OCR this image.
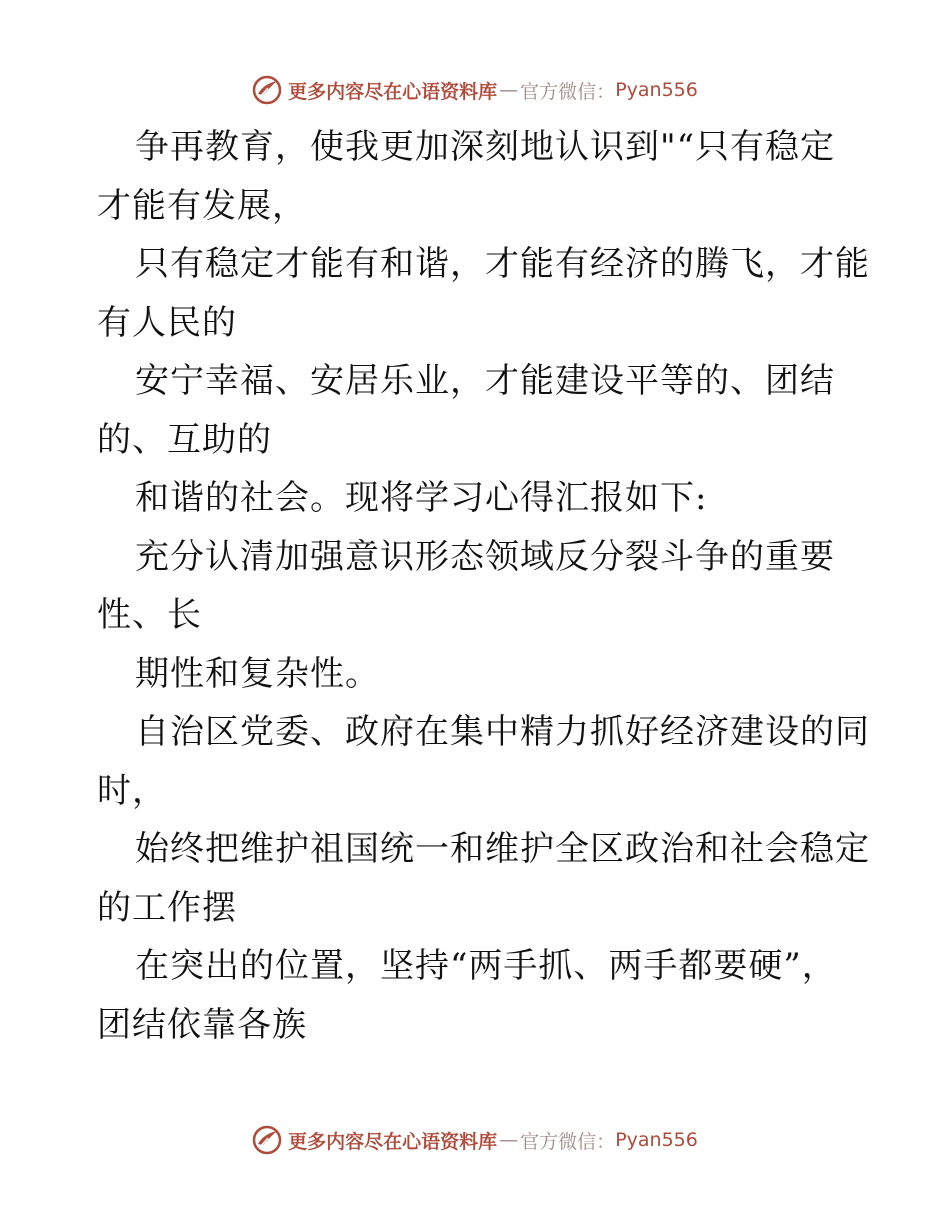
更多内容尽在心语资料库 — 官方微信： Pyan556
争再教育，使我更加深刻地认识到"“只有稳定
才能有发展，
只有稳定才能有和谐，才能有经济的腾飞，才能
有人民的
安宁幸福、安居乐业，才能建设平等的、团结
的、互助的
和谐的社会。现将学习心得汇报如下:
充分认清加强意识形态领域反分裂斗争的重要
性、长
期性和复杂性。
自治区党委、政府在集中精力抓好经济建设的同
时，
始终把维护祖国统一和维护全区政治和社会稳定
的工作摆
在突出的位置，坚持“两手抓、两手都要硬”，
团结依靠各族
更多内容尽在心语资料库 — 官方微信： Pyan556
